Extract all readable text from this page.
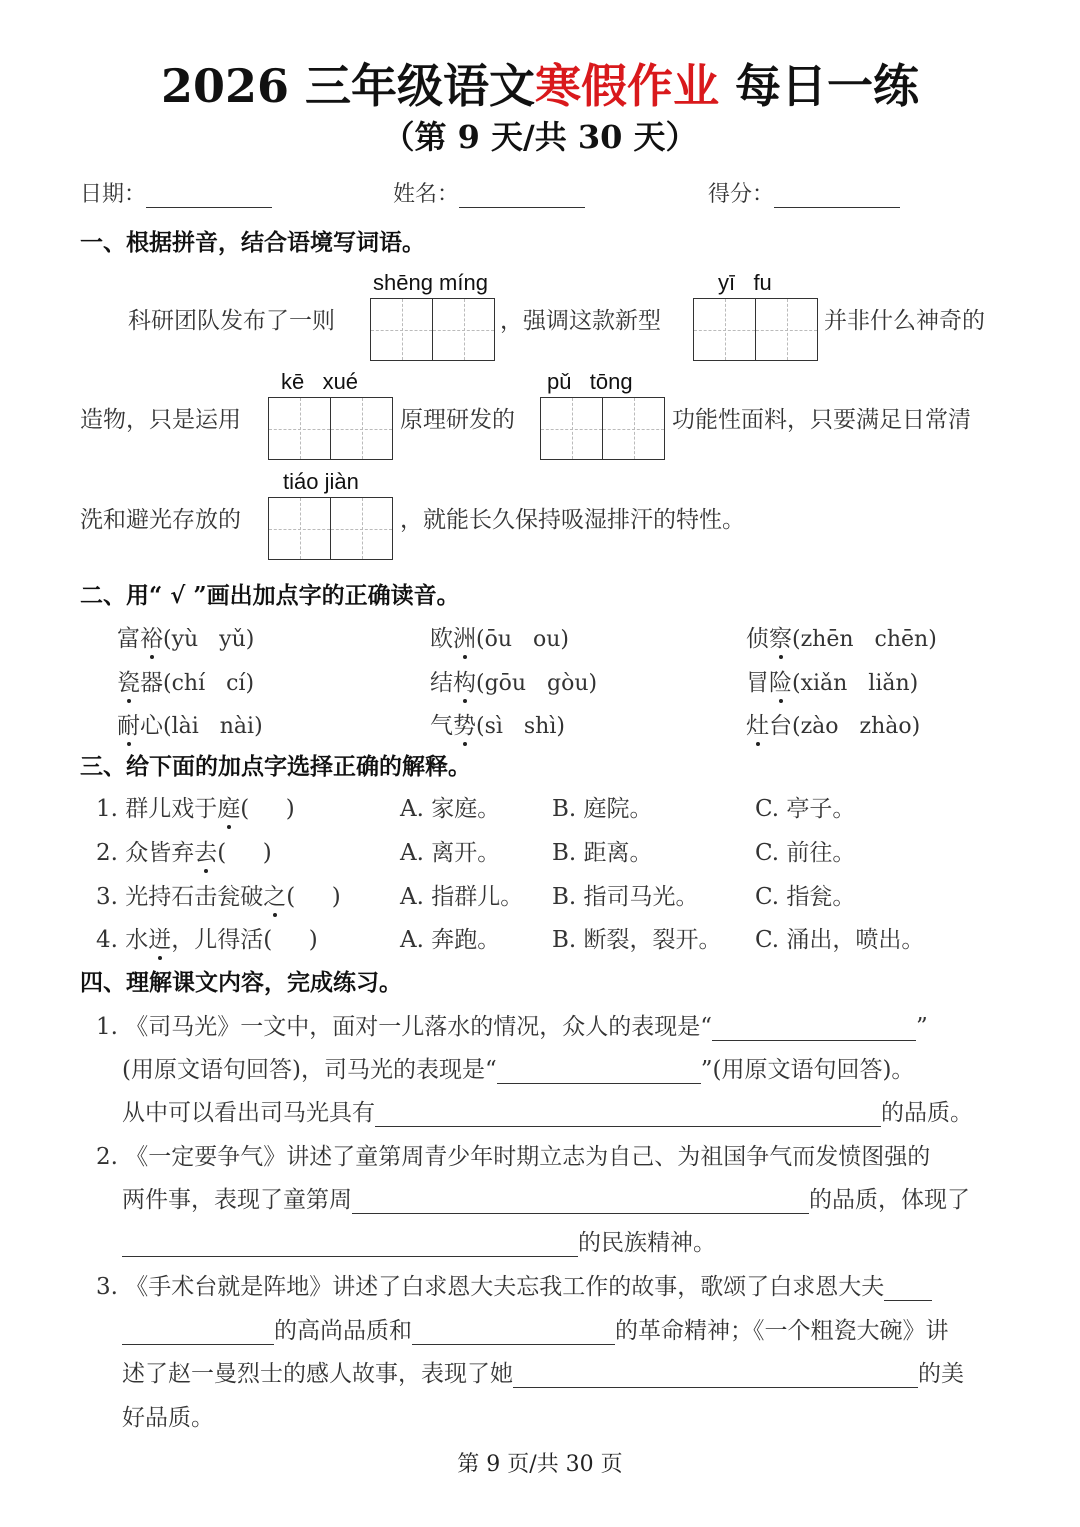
2026 三年级语文寒假作业 每日一练
（第 9 天/共 30 天）
日期：	姓名：	得分：
一、根据拼音，结合语境写词语。
科研团队发布了一则
shēng míng
，强调这款新型
yī   fu
并非什么神奇的
造物，只是运用
kē   xué
原理研发的
pǔ   tōng
功能性面料，只要满足日常清
洗和避光存放的
tiáo jiàn
，就能长久保持吸湿排汗的特性。
二、用“ √ ”画出加点字的正确读音。
富裕(yù   yǔ)	欧洲(ōu   ou)	侦察(zhēn   chēn)
瓷器(chí   cí)	结构(gōu   gòu)	冒险(xiǎn   liǎn)
耐心(lài   nài)	气势(sì   shì)	灶台(zào   zhào)
三、给下面的加点字选择正确的解释。
1. 群儿戏于庭(     )	A. 家庭。 B. 庭院。	C. 亭子。
2. 众皆弃去(     )	A. 离开。 B. 距离。	C. 前往。
3. 光持石击瓮破之(     )	A. 指群儿。 B. 指司马光。 C. 指瓮。
4. 水迸，儿得活(     )	A. 奔跑。 B. 断裂，裂开。 C. 涌出，喷出。
四、理解课文内容，完成练习。
1. 《司马光》一文中，面对一儿落水的情况，众人的表现是“	”
(用原文语句回答)，司马光的表现是“	”(用原文语句回答)。
从中可以看出司马光具有	的品质。
2. 《一定要争气》讲述了童第周青少年时期立志为自己、为祖国争气而发愤图强的
两件事，表现了童第周	的品质，体现了
的民族精神。
3. 《手术台就是阵地》讲述了白求恩大夫忘我工作的故事，歌颂了白求恩大夫
的高尚品质和	的革命精神；《一个粗瓷大碗》讲
述了赵一曼烈士的感人故事，表现了她	的美
好品质。
第 9 页/共 30 页
